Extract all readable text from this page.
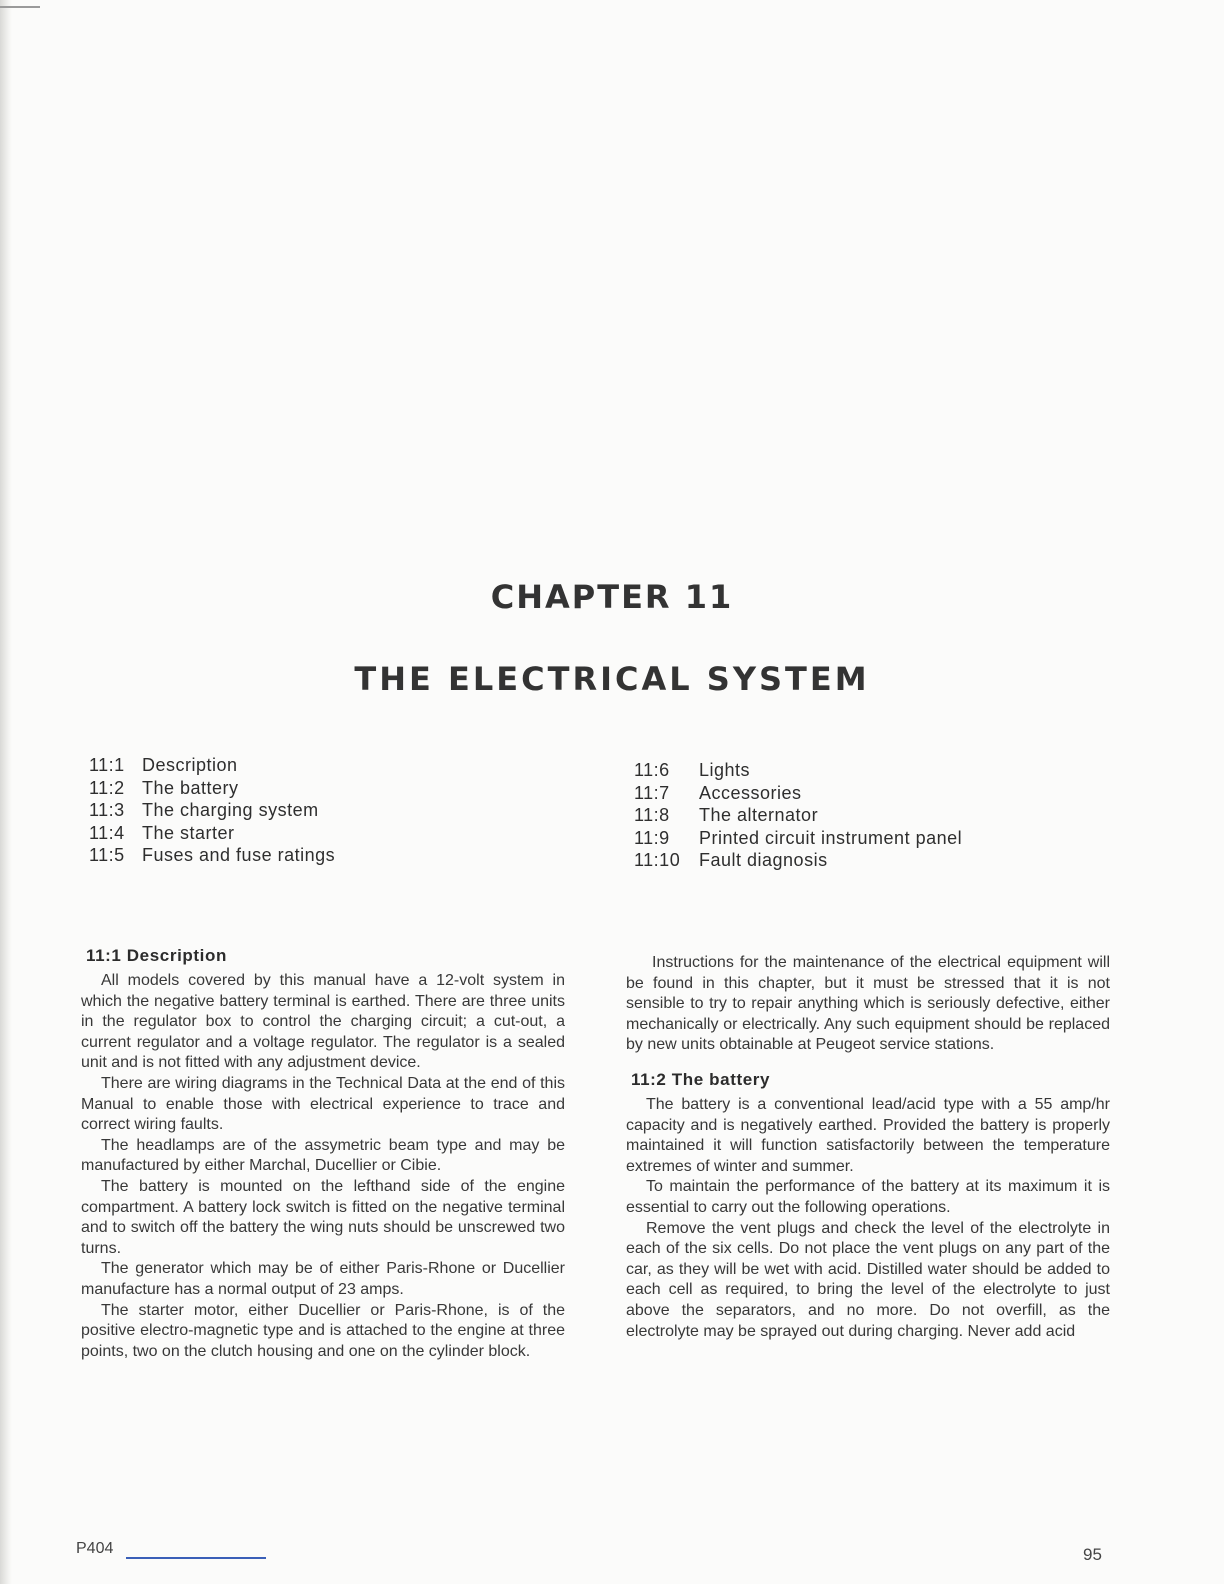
CHAPTER 11
THE ELECTRICAL SYSTEM
11:1 Description
11:2 The battery
11:3 The charging system
11:4 The starter
11:5 Fuses and fuse ratings
11:6	Lights
11:7	Accessories
11:8	The alternator
11:9	Printed circuit instrument panel
11:10	Fault diagnosis
11:1 Description

All models covered by this manual have a 12-volt system in which the negative battery terminal is earthed. There are three units in the regulator box to control the charging circuit; a cut-out, a current regulator and a voltage regulator. The regulator is a sealed unit and is not fitted with any adjustment device.

There are wiring diagrams in the Technical Data at the end of this Manual to enable those with electrical experience to trace and correct wiring faults.

The headlamps are of the assymetric beam type and may be manufactured by either Marchal, Ducellier or Cibie.

The battery is mounted on the lefthand side of the engine compartment. A battery lock switch is fitted on the negative terminal and to switch off the battery the wing nuts should be unscrewed two turns.

The generator which may be of either Paris-Rhone or Ducellier manufacture has a normal output of 23 amps.

The starter motor, either Ducellier or Paris-Rhone, is of the positive electro-magnetic type and is attached to the engine at three points, two on the clutch housing and one on the cylinder block.

Instructions for the maintenance of the electrical equipment will be found in this chapter, but it must be stressed that it is not sensible to try to repair anything which is seriously defective, either mechanically or electrically. Any such equipment should be replaced by new units obtainable at Peugeot service stations.

11:2 The battery

The battery is a conventional lead/acid type with a 55 amp/hr capacity and is negatively earthed. Provided the battery is properly maintained it will function satisfactorily between the temperature extremes of winter and summer.

To maintain the performance of the battery at its maximum it is essential to carry out the following operations.

Remove the vent plugs and check the level of the electrolyte in each of the six cells. Do not place the vent plugs on any part of the car, as they will be wet with acid. Distilled water should be added to each cell as required, to bring the level of the electrolyte to just above the separators, and no more. Do not overfill, as the electrolyte may be sprayed out during charging. Never add acid

P404	95
